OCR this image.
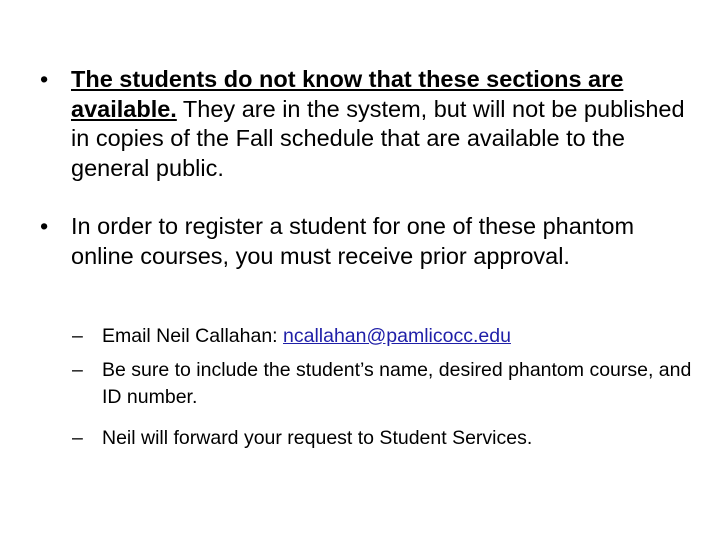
• The students do not know that these sections are available. They are in the system, but will not be published in copies of the Fall schedule that are available to the general public.
• In order to register a student for one of these phantom online courses, you must receive prior approval.
– Email Neil Callahan: ncallahan@pamlicocc.edu
– Be sure to include the student’s name, desired phantom course, and ID number.
– Neil will forward your request to Student Services.
